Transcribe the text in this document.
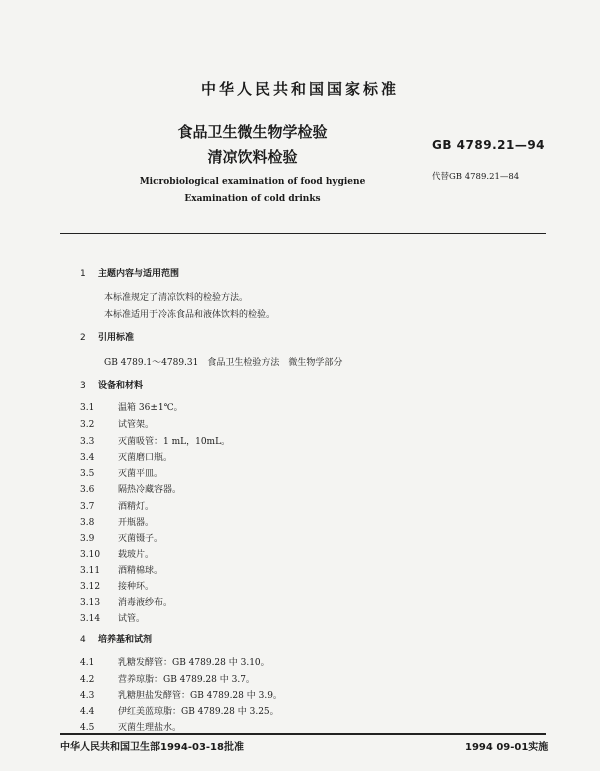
中华人民共和国国家标准
食品卫生微生物学检验
清凉饮料检验
GB 4789.21—94
代替GB 4789.21—84
Microbiological examination of food hygiene
Examination of cold drinks
1 主题内容与适用范围
本标准规定了清凉饮料的检验方法。
本标准适用于冷冻食品和液体饮料的检验。
2 引用标准
GB 4789.1～4789.31　食品卫生检验方法　微生物学部分
3 设备和材料
3.1	温箱 36±1℃。
3.2	试管架。
3.3	灭菌吸管：1 mL，10mL。
3.4	灭菌磨口瓶。
3.5	灭菌平皿。
3.6	隔热冷藏容器。
3.7	酒精灯。
3.8	开瓶器。
3.9	灭菌镊子。
3.10 载玻片。
3.11 酒精棉球。
3.12 接种环。
3.13 消毒液纱布。
3.14 试管。
4 培养基和试剂
4.1	乳糖发酵管：GB 4789.28 中 3.10。
4.2	营养琼脂：GB 4789.28 中 3.7。
4.3	乳糖胆盐发酵管：GB 4789.28 中 3.9。
4.4	伊红美蓝琼脂：GB 4789.28 中 3.25。
4.5	灭菌生理盐水。
中华人民共和国卫生部1994-03-18批准	1994 09-01实施
